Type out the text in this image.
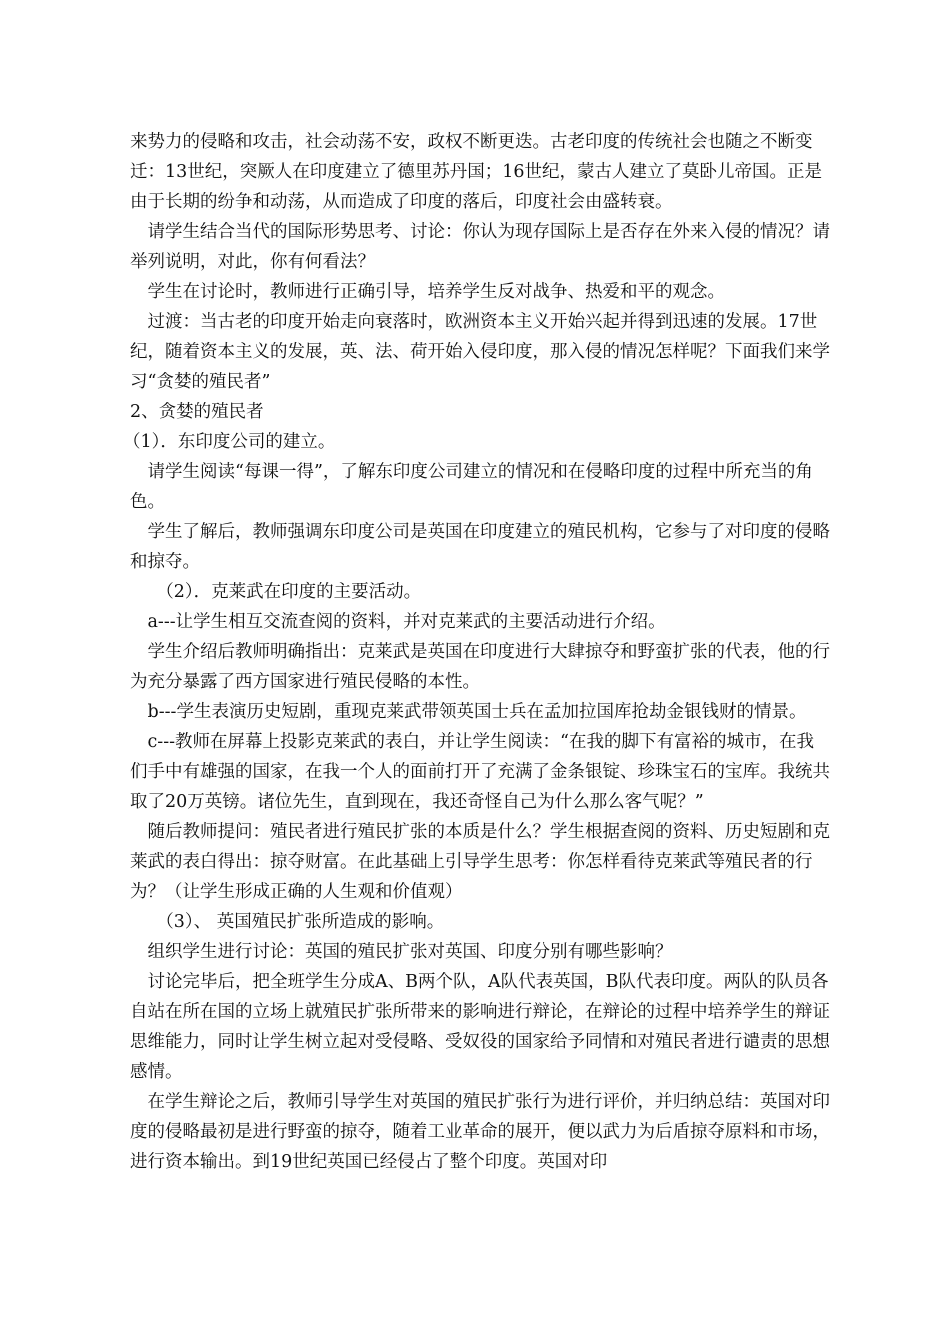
来势力的侵略和攻击，社会动荡不安，政权不断更迭。古老印度的传统社会也随之不断变迁：13世纪，突厥人在印度建立了德里苏丹国；16世纪，蒙古人建立了莫卧儿帝国。正是由于长期的纷争和动荡，从而造成了印度的落后，印度社会由盛转衰。

请学生结合当代的国际形势思考、讨论：你认为现存国际上是否存在外来入侵的情况？请举列说明，对此，你有何看法？

学生在讨论时，教师进行正确引导，培养学生反对战争、热爱和平的观念。

过渡：当古老的印度开始走向衰落时，欧洲资本主义开始兴起并得到迅速的发展。17世纪，随着资本主义的发展，英、法、荷开始入侵印度，那入侵的情况怎样呢？下面我们来学习“贪婪的殖民者”

2、贪婪的殖民者

（1）．东印度公司的建立。

请学生阅读“每课一得”，了解东印度公司建立的情况和在侵略印度的过程中所充当的角色。

学生了解后，教师强调东印度公司是英国在印度建立的殖民机构，它参与了对印度的侵略和掠夺。

（2）．克莱武在印度的主要活动。

a---让学生相互交流查阅的资料，并对克莱武的主要活动进行介绍。

学生介绍后教师明确指出：克莱武是英国在印度进行大肆掠夺和野蛮扩张的代表，他的行为充分暴露了西方国家进行殖民侵略的本性。

b---学生表演历史短剧，重现克莱武带领英国士兵在孟加拉国库抢劫金银钱财的情景。

c---教师在屏幕上投影克莱武的表白，并让学生阅读：“在我的脚下有富裕的城市，在我们手中有雄强的国家，在我一个人的面前打开了充满了金条银锭、珍珠宝石的宝库。我统共取了20万英镑。诸位先生，直到现在，我还奇怪自己为什么那么客气呢？”

随后教师提问：殖民者进行殖民扩张的本质是什么？学生根据查阅的资料、历史短剧和克莱武的表白得出：掠夺财富。在此基础上引导学生思考：你怎样看待克莱武等殖民者的行为？（让学生形成正确的人生观和价值观）

（3）、 英国殖民扩张所造成的影响。

组织学生进行讨论：英国的殖民扩张对英国、印度分别有哪些影响？

讨论完毕后，把全班学生分成A、B两个队，A队代表英国，B队代表印度。两队的队员各自站在所在国的立场上就殖民扩张所带来的影响进行辩论，在辩论的过程中培养学生的辩证思维能力，同时让学生树立起对受侵略、受奴役的国家给予同情和对殖民者进行谴责的思想感情。

在学生辩论之后，教师引导学生对英国的殖民扩张行为进行评价，并归纳总结：英国对印度的侵略最初是进行野蛮的掠夺，随着工业革命的展开，便以武力为后盾掠夺原料和市场，进行资本输出。到19世纪英国已经侵占了整个印度。英国对印
